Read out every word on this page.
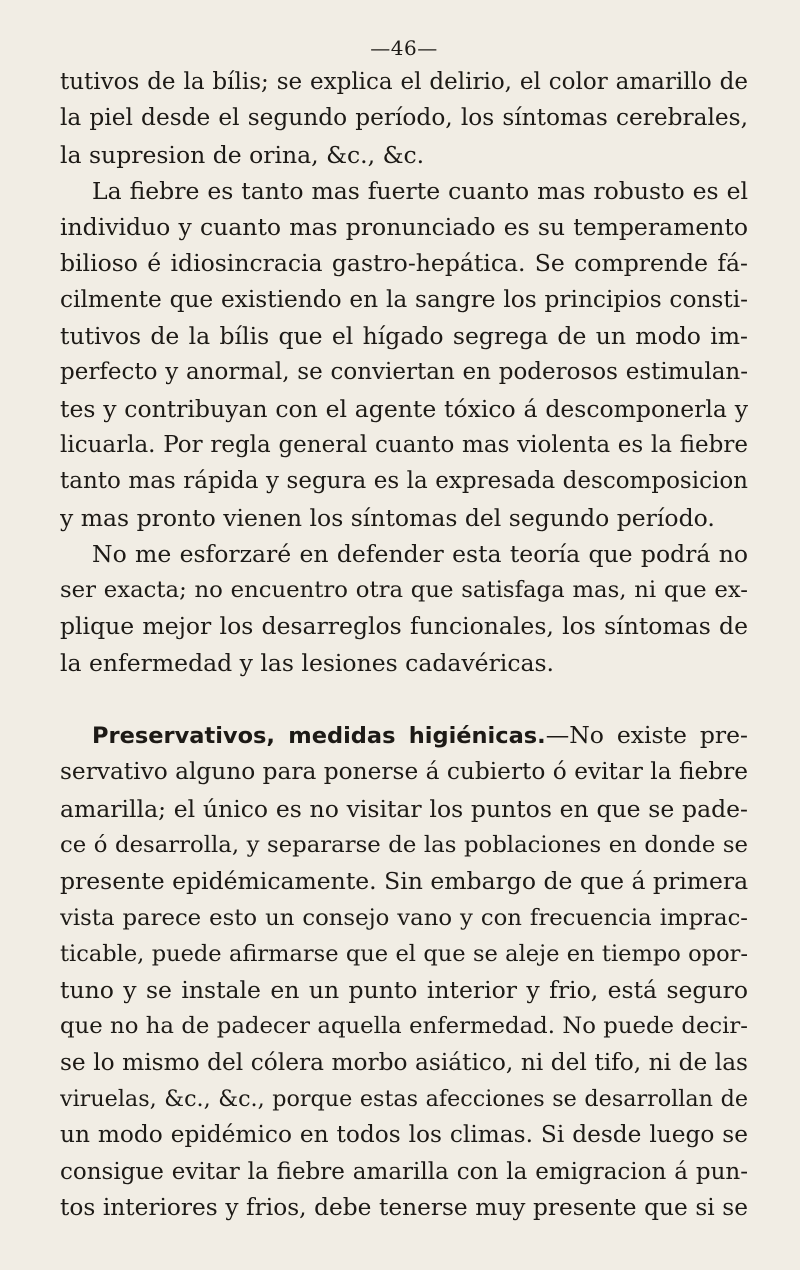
—46—

tutivos de la bílis; se explica el delirio, el color amarillo de
la piel desde el segundo período, los síntomas cerebrales,
la supresion de orina, &c., &c.

La fiebre es tanto mas fuerte cuanto mas robusto es el
individuo y cuanto mas pronunciado es su temperamento
bilioso é idiosincracia gastro-hepática. Se comprende fá-
cilmente que existiendo en la sangre los principios consti-
tutivos de la bílis que el hígado segrega de un modo im-
perfecto y anormal, se conviertan en poderosos estimulan-
tes y contribuyan con el agente tóxico á descomponerla y
licuarla. Por regla general cuanto mas violenta es la fiebre
tanto mas rápida y segura es la expresada descomposicion
y mas pronto vienen los síntomas del segundo período.

No me esforzaré en defender esta teoría que podrá no
ser exacta; no encuentro otra que satisfaga mas, ni que ex-
plique mejor los desarreglos funcionales, los síntomas de
la enfermedad y las lesiones cadavéricas.

Preservativos, medidas higiénicas.—No existe pre-
servativo alguno para ponerse á cubierto ó evitar la fiebre
amarilla; el único es no visitar los puntos en que se pade-
ce ó desarrolla, y separarse de las poblaciones en donde se
presente epidémicamente. Sin embargo de que á primera
vista parece esto un consejo vano y con frecuencia imprac-
ticable, puede afirmarse que el que se aleje en tiempo opor-
tuno y se instale en un punto interior y frio, está seguro
que no ha de padecer aquella enfermedad. No puede decir-
se lo mismo del cólera morbo asiático, ni del tifo, ni de las
viruelas, &c., &c., porque estas afecciones se desarrollan de
un modo epidémico en todos los climas. Si desde luego se
consigue evitar la fiebre amarilla con la emigracion á pun-
tos interiores y frios, debe tenerse muy presente que si se
